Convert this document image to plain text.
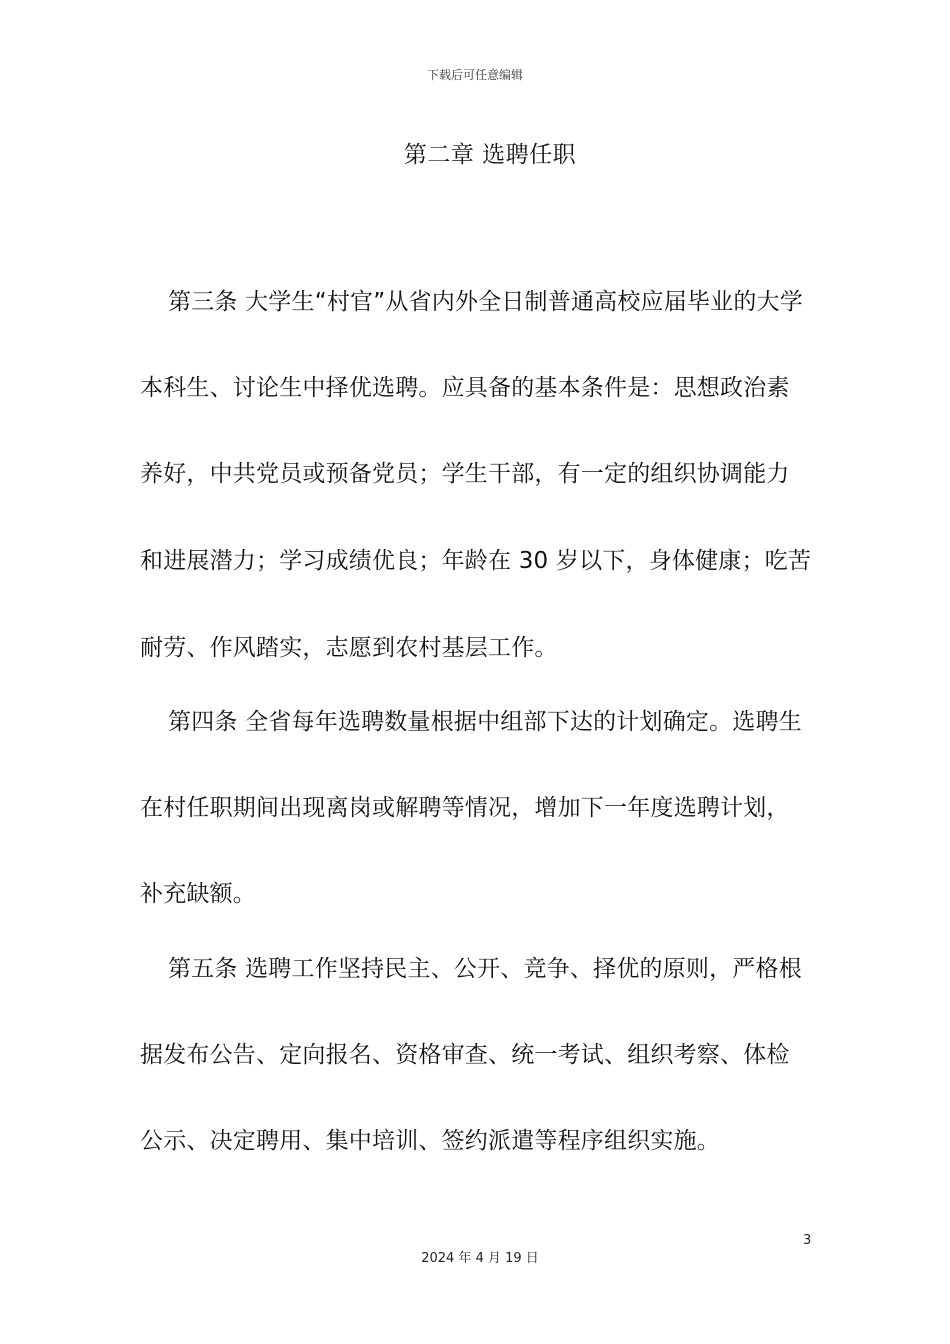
下载后可任意编辑
第二章 选聘任职
第三条 大学生“村官”从省内外全日制普通高校应届毕业的大学
本科生、讨论生中择优选聘。应具备的基本条件是：思想政治素
养好，中共党员或预备党员；学生干部，有一定的组织协调能力
和进展潜力；学习成绩优良；年龄在 30 岁以下，身体健康；吃苦
耐劳、作风踏实，志愿到农村基层工作。
第四条 全省每年选聘数量根据中组部下达的计划确定。选聘生
在村任职期间出现离岗或解聘等情况，增加下一年度选聘计划，
补充缺额。
第五条 选聘工作坚持民主、公开、竞争、择优的原则，严格根
据发布公告、定向报名、资格审查、统一考试、组织考察、体检
公示、决定聘用、集中培训、签约派遣等程序组织实施。
3
2024 年 4 月 19 日
